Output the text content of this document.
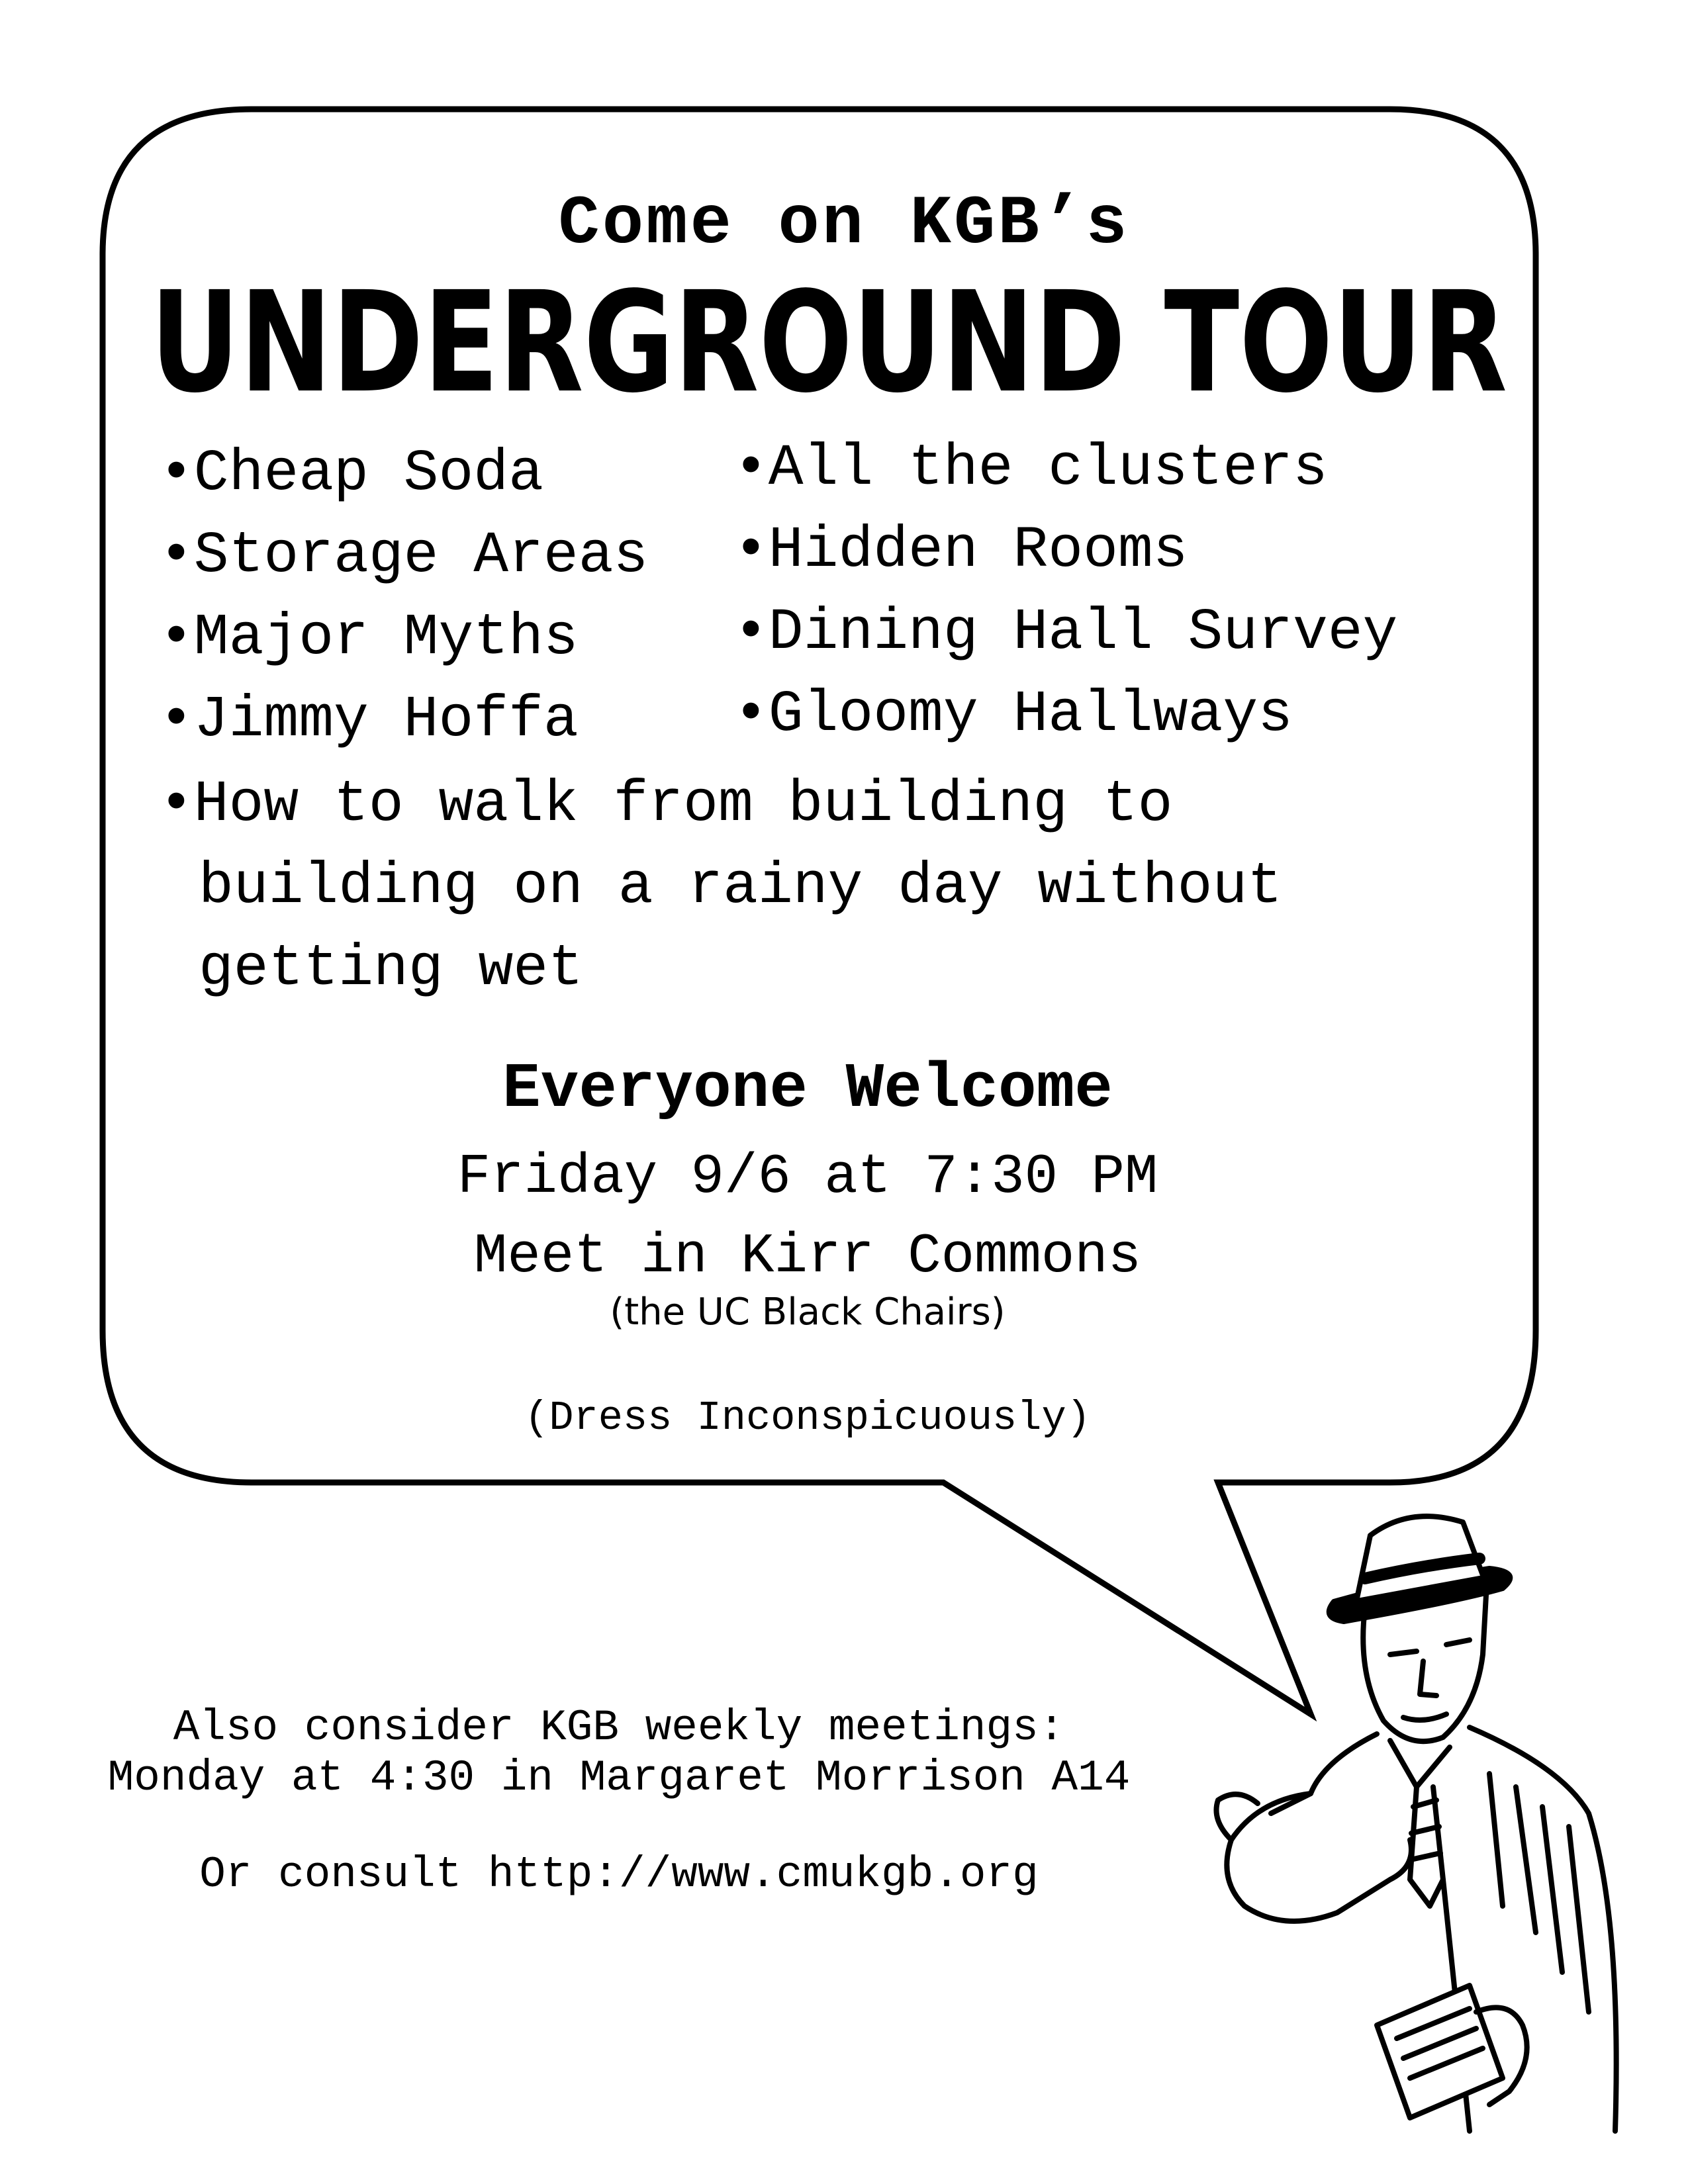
Come on KGB’s
UNDERGROUND TOUR
•Cheap Soda
•Storage Areas
•Major Myths
•Jimmy Hoffa
•All the clusters
•Hidden Rooms
•Dining Hall Survey
•Gloomy Hallways
•How to walk from building to
building on a rainy day without
getting wet
Everyone Welcome
Friday 9/6 at 7:30 PM
Meet in Kirr Commons
(the UC Black Chairs)
(Dress Inconspicuously)
Also consider KGB weekly meetings:
Monday at 4:30 in Margaret Morrison A14
Or consult http://www.cmukgb.org
